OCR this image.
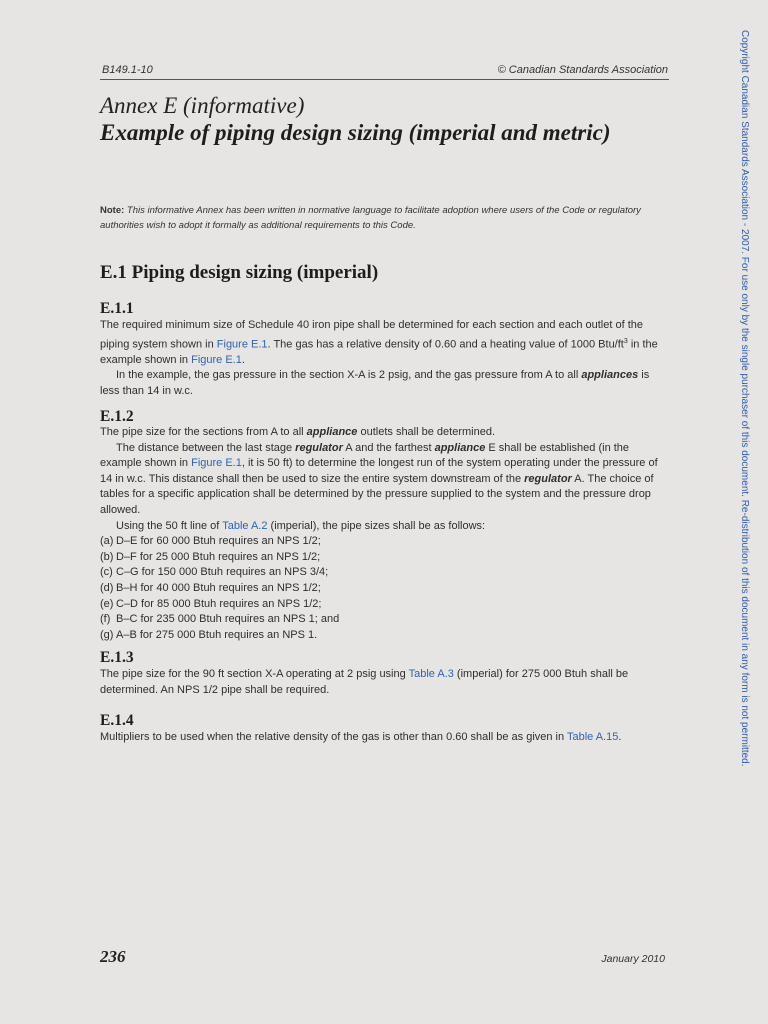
B149.1-10	© Canadian Standards Association
Annex E (informative)
Example of piping design sizing (imperial and metric)
Note: This informative Annex has been written in normative language to facilitate adoption where users of the Code or regulatory authorities wish to adopt it formally as additional requirements to this Code.
E.1 Piping design sizing (imperial)
E.1.1

The required minimum size of Schedule 40 iron pipe shall be determined for each section and each outlet of the piping system shown in Figure E.1. The gas has a relative density of 0.60 and a heating value of 1000 Btu/$ft^3$ in the example shown in Figure E.1.

In the example, the gas pressure in the section X-A is 2 psig, and the gas pressure from A to all appliances is less than 14 in w.c.

E.1.2

The pipe size for the sections from A to all appliance outlets shall be determined.

The distance between the last stage regulator A and the farthest appliance E shall be established (in the example shown in Figure E.1, it is 50 ft) to determine the longest run of the system operating under the pressure of 14 in w.c. This distance shall then be used to size the entire system downstream of the regulator A. The choice of tables for a specific application shall be determined by the pressure supplied to the system and the pressure drop allowed.

Using the 50 ft line of Table A.2 (imperial), the pipe sizes shall be as follows:

(a) D–E for 60 000 Btuh requires an NPS 1/2;
(b) D–F for 25 000 Btuh requires an NPS 1/2;
(c) C–G for 150 000 Btuh requires an NPS 3/4;
(d) B–H for 40 000 Btuh requires an NPS 1/2;
(e) C–D for 85 000 Btuh requires an NPS 1/2;
(f) B–C for 235 000 Btuh requires an NPS 1; and
(g) A–B for 275 000 Btuh requires an NPS 1.
E.1.3

The pipe size for the 90 ft section X-A operating at 2 psig using Table A.3 (imperial) for 275 000 Btuh shall be determined. An NPS 1/2 pipe shall be required.

E.1.4

Multipliers to be used when the relative density of the gas is other than 0.60 shall be as given in Table A.15.

236	January 2010
Copyright Canadian Standards Association - 2007. For use only by the single purchaser of this document. Re-distribution of this document in any form is not permitted.
